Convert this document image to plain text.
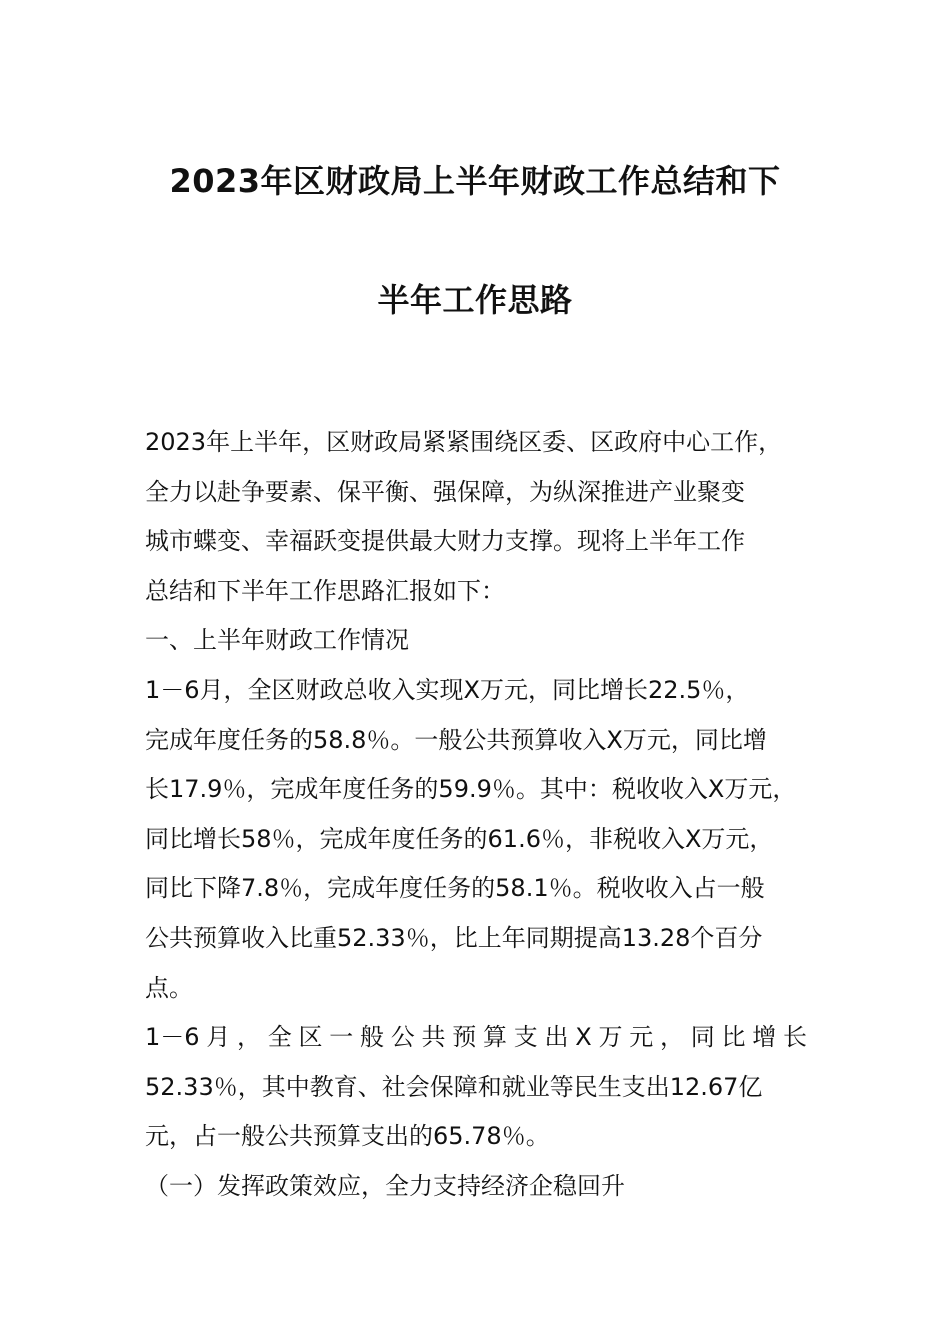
2023年区财政局上半年财政工作总结和下
半年工作思路
2023年上半年，区财政局紧紧围绕区委、区政府中心工作，
全力以赴争要素、保平衡、强保障，为纵深推进产业聚变
城市蝶变、幸福跃变提供最大财力支撑。现将上半年工作
总结和下半年工作思路汇报如下：
一、上半年财政工作情况
1－6月，全区财政总收入实现X万元，同比增长22.5％，
完成年度任务的58.8％。一般公共预算收入X万元，同比增
长17.9％，完成年度任务的59.9％。其中：税收收入X万元，
同比增长58％，完成年度任务的61.6％，非税收入X万元，
同比下降7.8％，完成年度任务的58.1％。税收收入占一般
公共预算收入比重52.33％，比上年同期提高13.28个百分
点。
1－6月，全区一般公共预算支出X万元，同比增长
52.33％，其中教育、社会保障和就业等民生支出12.67亿
元，占一般公共预算支出的65.78％。
（一）发挥政策效应，全力支持经济企稳回升
